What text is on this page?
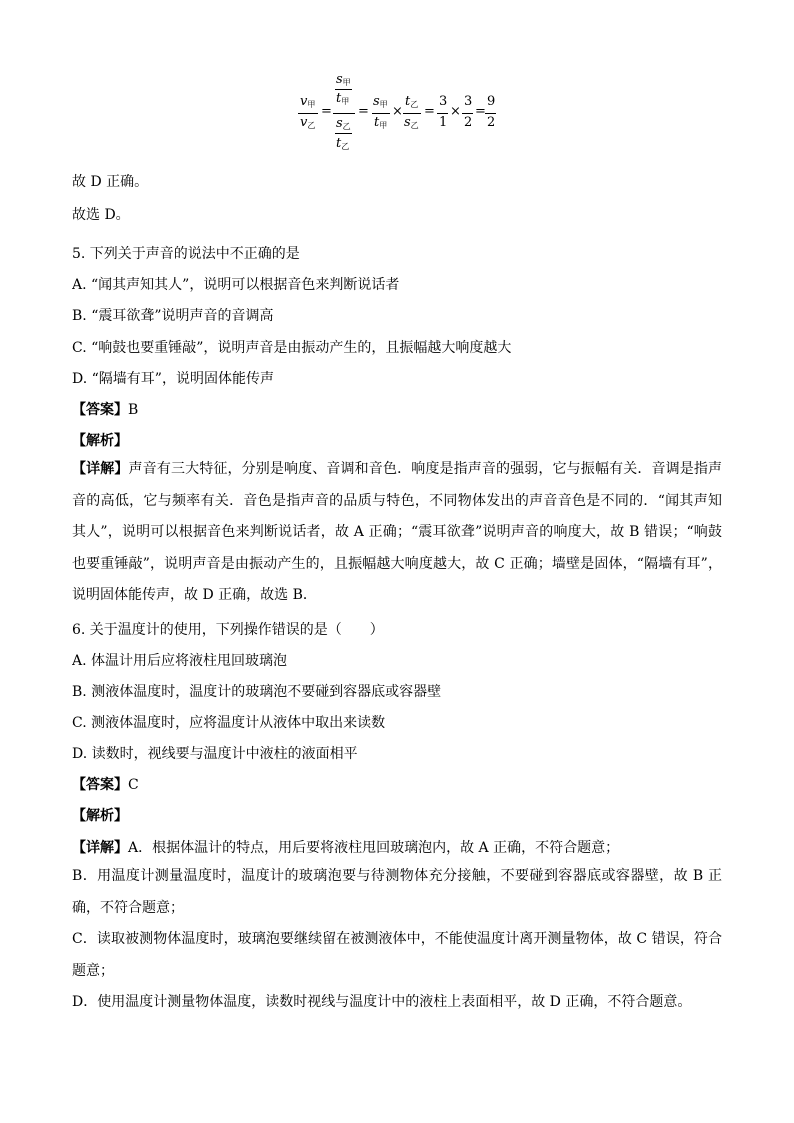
$v_甲$
$v_乙$
=
$s_甲$
$t_甲$
$s_乙$
$t_乙$
=
$s_甲$
$t_甲$
×
$t_乙$
$s_乙$
=
3
1
×
3
2
=
9
2
故 D 正确。
故选 D。
5. 下列关于声音的说法中不正确的是
A. “闻其声知其人”，说明可以根据音色来判断说话者
B. “震耳欲聋”说明声音的音调高
C. “响鼓也要重锤敲”，说明声音是由振动产生的，且振幅越大响度越大
D. “隔墙有耳”，说明固体能传声
【答案】B
【解析】
【详解】声音有三大特征，分别是响度、音调和音色．响度是指声音的强弱，它与振幅有关．音调是指声音的高低，它与频率有关．音色是指声音的品质与特色，不同物体发出的声音音色是不同的．“闻其声知其人”，说明可以根据音色来判断说话者，故 A 正确；“震耳欲聋”说明声音的响度大，故 B 错误；“响鼓也要重锤敲”，说明声音是由振动产生的，且振幅越大响度越大，故 C 正确；墙壁是固体，“隔墙有耳”，说明固体能传声，故 D 正确，故选 B．
6. 关于温度计的使用，下列操作错误的是（　　）
A. 体温计用后应将液柱甩回玻璃泡
B. 测液体温度时，温度计的玻璃泡不要碰到容器底或容器壁
C. 测液体温度时，应将温度计从液体中取出来读数
D. 读数时，视线要与温度计中液柱的液面相平
【答案】C
【解析】
【详解】A．根据体温计的特点，用后要将液柱甩回玻璃泡内，故 A 正确，不符合题意；
B．用温度计测量温度时，温度计的玻璃泡要与待测物体充分接触，不要碰到容器底或容器壁，故 B 正确，不符合题意；
C．读取被测物体温度时，玻璃泡要继续留在被测液体中，不能使温度计离开测量物体，故 C 错误，符合题意；
D．使用温度计测量物体温度，读数时视线与温度计中的液柱上表面相平，故 D 正确，不符合题意。
